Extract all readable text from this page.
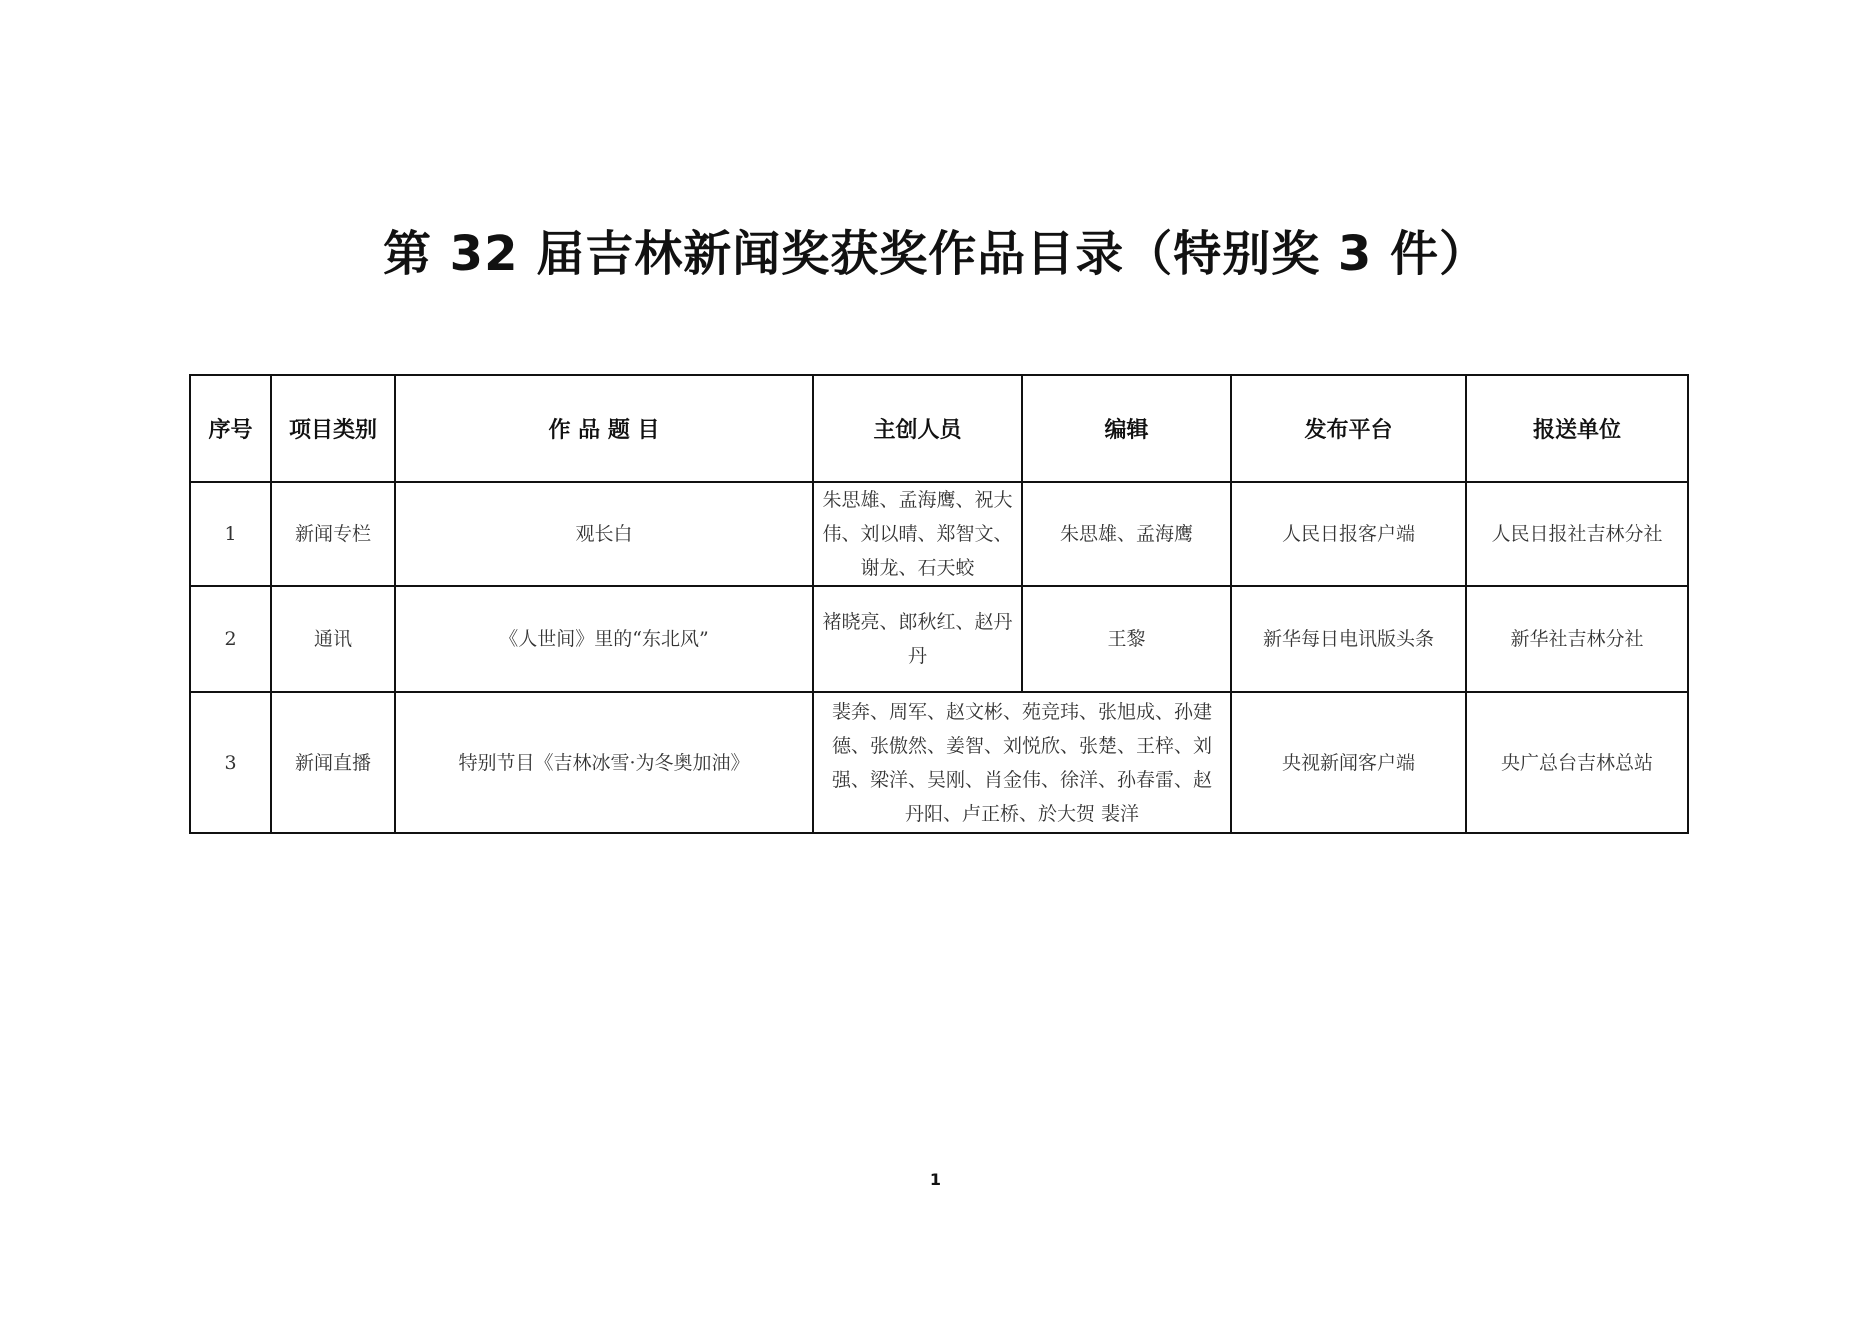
第 32 届吉林新闻奖获奖作品目录（特别奖 3 件）
序号	项目类别	作 品 题 目	主创人员	编辑	发布平台	报送单位
1	新闻专栏	观长白	朱思雄、孟海鹰、祝大伟、刘以晴、郑智文、谢龙、石天蛟	朱思雄、孟海鹰	人民日报客户端	人民日报社吉林分社
2	通讯	《人世间》里的“东北风”	褚晓亮、郎秋红、赵丹丹	王黎	新华每日电讯版头条	新华社吉林分社
3	新闻直播	特别节目《吉林冰雪·为冬奥加油》	裴奔、周军、赵文彬、苑竞玮、张旭成、孙建德、张傲然、姜智、刘悦欣、张楚、王梓、刘强、梁洋、吴刚、肖金伟、徐洋、孙春雷、赵丹阳、卢正桥、於大贺 裴洋		央视新闻客户端	央广总台吉林总站
1
